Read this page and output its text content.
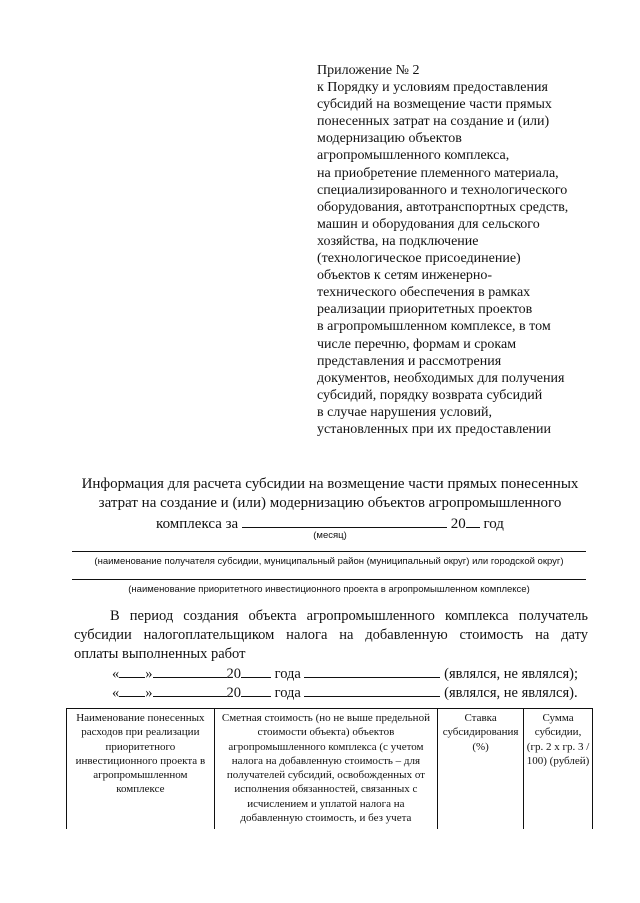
Приложение № 2
к Порядку и условиям предоставления
субсидий на возмещение части прямых
понесенных затрат на создание и (или)
модернизацию объектов
агропромышленного комплекса,
на приобретение племенного материала,
специализированного и технологического
оборудования, автотранспортных средств,
машин и оборудования для сельского
хозяйства, на подключение
(технологическое присоединение)
объектов к сетям инженерно-
технического обеспечения в рамках
реализации приоритетных проектов
в агропромышленном комплексе, в том
числе перечню, формам и срокам
представления и рассмотрения
документов, необходимых для получения
субсидий, порядку возврата субсидий
в случае нарушения условий,
установленных при их предоставлении
Информация для расчета субсидии на возмещение части прямых понесенных
затрат на создание и (или) модернизацию объектов агропромышленного
комплекса за	20 год
(месяц)
(наименование получателя субсидии, муниципальный район (муниципальный округ) или городской округ)
(наименование приоритетного инвестиционного проекта в агропромышленном комплексе)
В период создания объекта агропромышленного комплекса получатель
субсидии налогоплательщиком налога на добавленную стоимость на дату
оплаты выполненных работ
« »	20 года	(являлся, не являлся);
« »	20 года	(являлся, не являлся).
Наименование понесенных расходов при реализации приоритетного инвестиционного проекта в агропромышленном комплексе	Сметная стоимость (но не выше предельной стоимости объекта) объектов агропромышленного комплекса (с учетом налога на добавленную стоимость – для получателей субсидий, освобожденных от исполнения обязанностей, связанных с исчислением и уплатой налога на добавленную стоимость, и без учета	Ставка субсидирования (%)	Сумма субсидии, (гр. 2 x гр. 3 / 100) (рублей)
